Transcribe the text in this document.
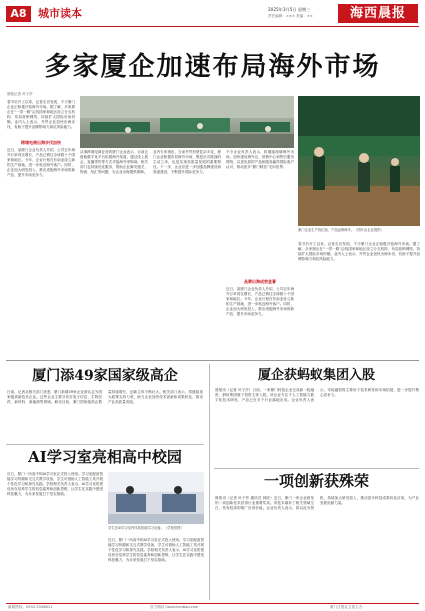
A8	城市读本	2025年3月5日 星期三
责任编辑：××× 美编：××	海西晨报
多家厦企加速布局海外市场
晨报记者 叶子莎
春节后开工以来，记者走访发现，不少厦门企业正积极开拓海外市场。据了解，多家厦企在“一带一路”沿线国家和地区设立分支机构、布局营销网络，持续扩大国际市场份额。业内人士表示，外贸企业加快出海步伐，有助于提升品牌影响力和抗风险能力。
跨境电商出海步伐加快
近日，某厦门企业负责人介绍，公司去年海外订单同比增长，产品已销往全球数十个国家和地区。今年，企业计划在东南亚设立新的生产基地，进一步贴近海外客户。同时，企业加大研发投入，推出适配海外市场的新产品，提升市场竞争力。
从事跨境电商业务的厦门企业表示，目前正借助数字化平台拓展海外渠道，通过线上展会、直播带货等方式对接海外采购商。相关部门也持续优化服务，帮助企业解决通关、物流、结汇等问题，为企业出海提供保障。
业内专家指出，当前外贸形势复杂多变，厦门企业积极布局海外市场，既是应对挑战的主动之举，也是实现高质量发展的重要路径。下一步，企业应进一步加强品牌建设和渠道建设，不断提升国际竞争力。
不少企业负责人表示，将继续深耕海外市场，加快建设海外仓、营销中心和售后服务网络，以更优质的产品和服务赢得国际客户认可，推动更多“厦门制造”走向世界。
品牌出海成效显著
近日，某厦门企业负责人介绍，公司去年海外订单同比增长，产品已销往全球数十个国家和地区。今年，企业计划在东南亚设立新的生产基地，进一步贴近海外客户。同时，企业加大研发投入，推出适配海外市场的新产品，提升市场竞争力。
厦门企业生产线忙碌，产品远销海外。（图片由企业提供）
春节后开工以来，记者走访发现，不少厦门企业正积极开拓海外市场。据了解，多家厦企在“一带一路”沿线国家和地区设立分支机构、布局营销网络，持续扩大国际市场份额。业内人士表示，外贸企业加快出海步伐，有助于提升品牌影响力和抗风险能力。
厦门添49家国家级高企
日前，记者从相关部门获悉，厦门新增49家企业被认定为国家级高新技术企业。这些企业主要分布在电子信息、生物医药、新材料、新能源等领域。截至目前，厦门国家级高企数量持续增长，创新主体不断壮大。相关部门表示，将继续加大政策支持力度，助力企业加快技术创新和成果转化，推动产业高质量发展。
AI学习室亮相高中校园
近日，厦门一所高中的AI学习室正式投入使用。学习室配备智能学习终端和交互式教学设备，学生可借助人工智能工具开展个性化学习和探究实践。学校相关负责人表示，AI学习室的建设旨在培养学生的信息素养和创新思维，让学生在实践中感受科技魅力，为未来发展打下坚实基础。
学生在AI学习室内体验智能学习设备。（学校供图）
近日，厦门一所高中的AI学习室正式投入使用。学习室配备智能学习终端和交互式教学设备，学生可借助人工智能工具开展个性化学习和探究实践。学校相关负责人表示，AI学习室的建设旨在培养学生的信息素养和创新思维，让学生在实践中感受科技魅力，为未来发展打下坚实基础。
厦企获蚂蚁集团入股
晨报讯（记者 叶子莎）日前，一家厦门科技企业完成新一轮融资，蚂蚁集团旗下投资主体入股。该企业专注于人工智能与数字化技术研发，产品已在多个行业落地应用。企业负责人表示，本轮融资将主要用于技术研发和市场拓展，进一步提升核心竞争力。
一项创新获殊荣
晨报讯（记者 叶子莎 通讯员 林欣）近日，厦门一家企业研发的一项创新技术获得行业重要奖项。该技术填补了相关领域空白，具有较高的推广应用价值。企业负责人表示，将以此为契机，持续加大研发投入，推动更多科技成果转化应用，为产业发展贡献力量。
新闻热线：0592-5558811	官方网站 haixichenbao.com	厦门日报社主管主办
